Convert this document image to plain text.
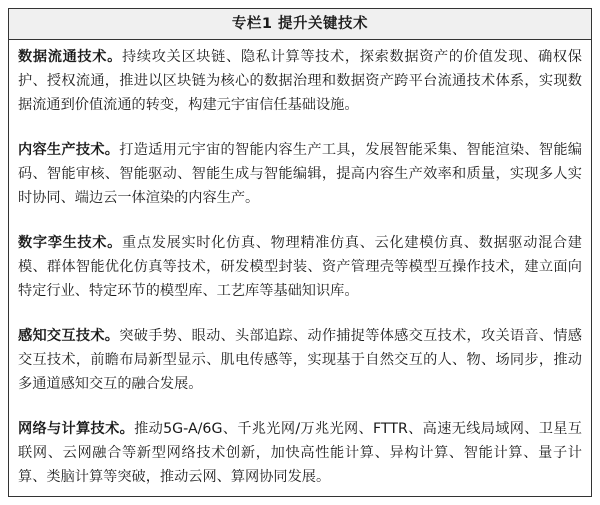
专栏1 提升关键技术

数据流通技术。持续攻关区块链、隐私计算等技术，探索数据资产的价值发现、确权保护、授权流通，推进以区块链为核心的数据治理和数据资产跨平台流通技术体系，实现数据流通到价值流通的转变，构建元宇宙信任基础设施。

内容生产技术。打造适用元宇宙的智能内容生产工具，发展智能采集、智能渲染、智能编码、智能审核、智能驱动、智能生成与智能编辑，提高内容生产效率和质量，实现多人实时协同、端边云一体渲染的内容生产。

数字孪生技术。重点发展实时化仿真、物理精准仿真、云化建模仿真、数据驱动混合建模、群体智能优化仿真等技术，研发模型封装、资产管理壳等模型互操作技术，建立面向特定行业、特定环节的模型库、工艺库等基础知识库。

感知交互技术。突破手势、眼动、头部追踪、动作捕捉等体感交互技术，攻关语音、情感交互技术，前瞻布局新型显示、肌电传感等，实现基于自然交互的人、物、场同步，推动多通道感知交互的融合发展。

网络与计算技术。推动5G-A/6G、千兆光网/万兆光网、FTTR、高速无线局域网、卫星互联网、云网融合等新型网络技术创新，加快高性能计算、异构计算、智能计算、量子计算、类脑计算等突破，推动云网、算网协同发展。
